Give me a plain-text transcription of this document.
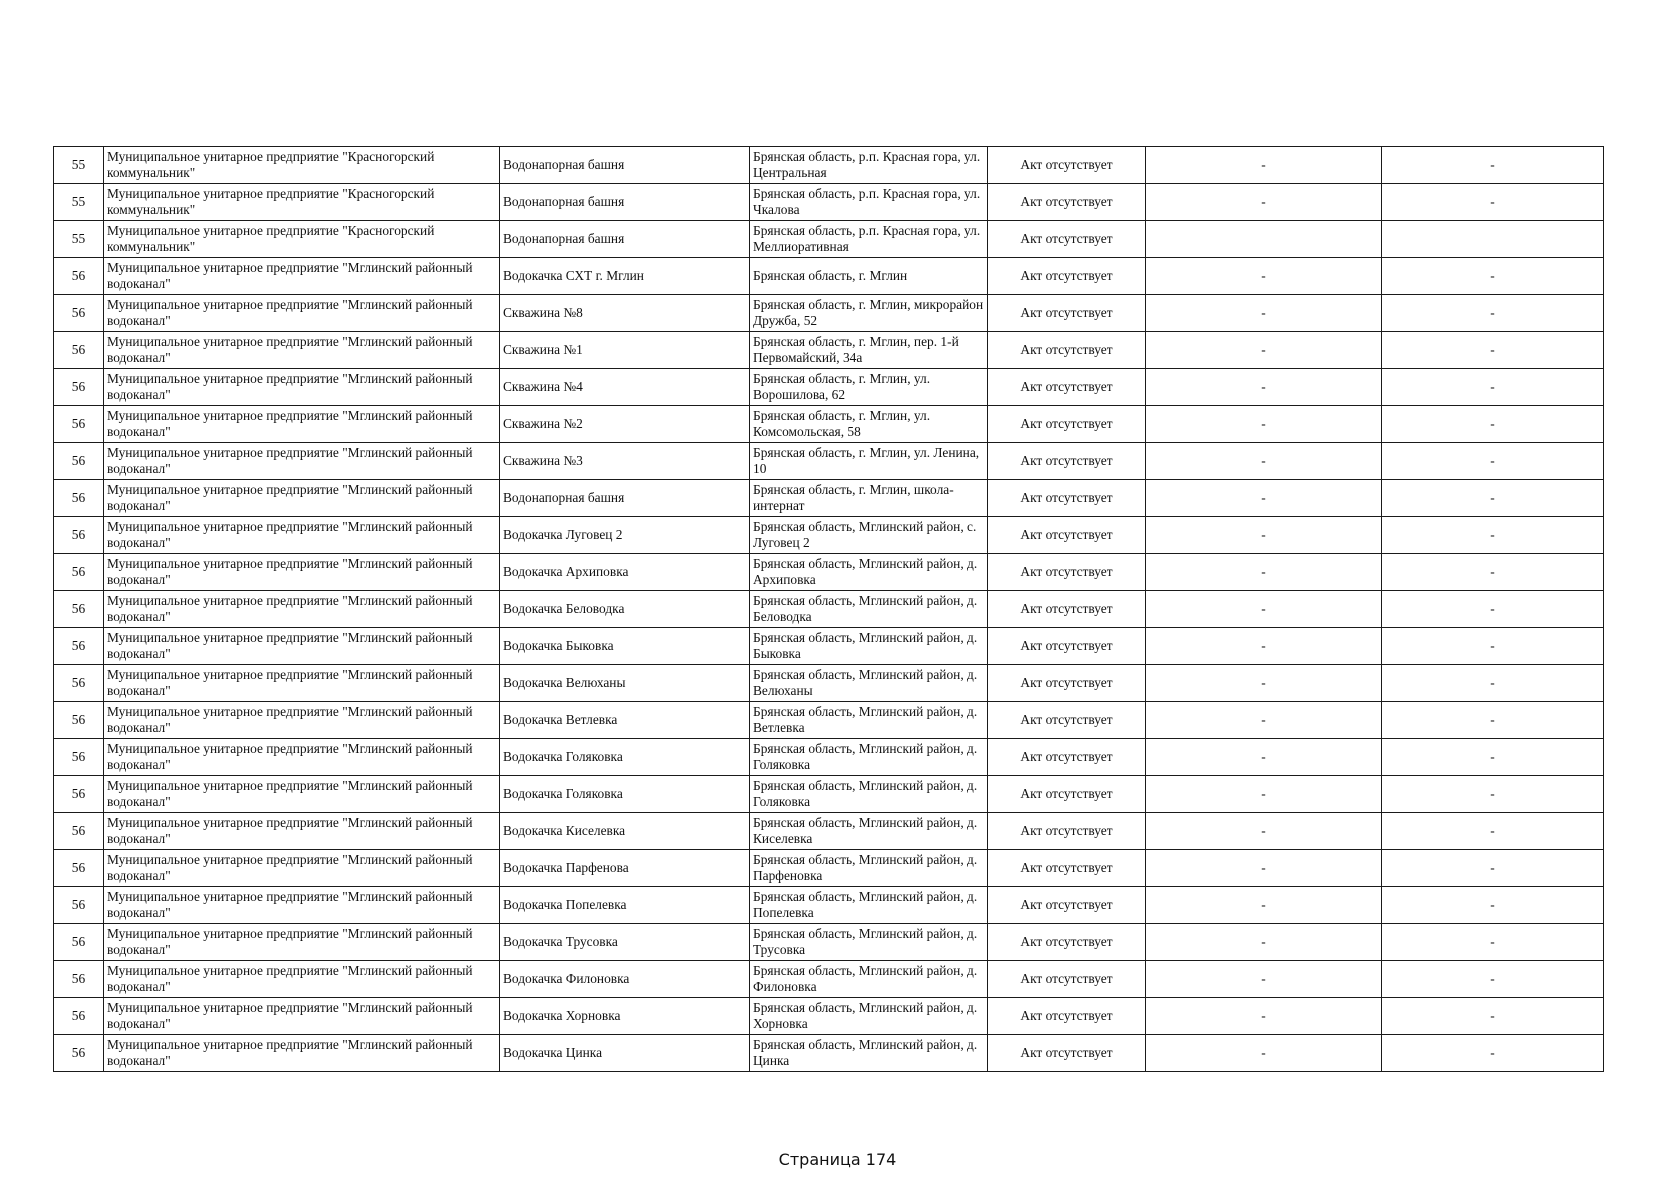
55	Муниципальное унитарное предприятие "Красногорский коммунальник"	Водонапорная башня	Брянская область, р.п. Красная гора, ул. Центральная	Акт отсутствует	-	-

55	Муниципальное унитарное предприятие "Красногорский коммунальник"	Водонапорная башня	Брянская область, р.п. Красная гора, ул. Чкалова	Акт отсутствует	-	-

55	Муниципальное унитарное предприятие "Красногорский коммунальник"	Водонапорная башня	Брянская область, р.п. Красная гора, ул. Меллиоративная	Акт отсутствует		

56	Муниципальное унитарное предприятие "Мглинский районный водоканал"	Водокачка СХТ г. Мглин	Брянская область, г. Мглин	Акт отсутствует	-	-

56	Муниципальное унитарное предприятие "Мглинский районный водоканал"	Скважина №8	Брянская область, г. Мглин, микрорайон Дружба, 52	Акт отсутствует	-	-

56	Муниципальное унитарное предприятие "Мглинский районный водоканал"	Скважина №1	Брянская область, г. Мглин, пер. 1-й Первомайский, 34а	Акт отсутствует	-	-

56	Муниципальное унитарное предприятие "Мглинский районный водоканал"	Скважина №4	Брянская область, г. Мглин, ул. Ворошилова, 62	Акт отсутствует	-	-

56	Муниципальное унитарное предприятие "Мглинский районный водоканал"	Скважина №2	Брянская область, г. Мглин, ул. Комсомольская, 58	Акт отсутствует	-	-

56	Муниципальное унитарное предприятие "Мглинский районный водоканал"	Скважина №3	Брянская область, г. Мглин, ул. Ленина, 10	Акт отсутствует	-	-

56	Муниципальное унитарное предприятие "Мглинский районный водоканал"	Водонапорная башня	Брянская область, г. Мглин, школа-интернат	Акт отсутствует	-	-

56	Муниципальное унитарное предприятие "Мглинский районный водоканал"	Водокачка Луговец 2	Брянская область, Мглинский район, с. Луговец 2	Акт отсутствует	-	-

56	Муниципальное унитарное предприятие "Мглинский районный водоканал"	Водокачка Архиповка	Брянская область, Мглинский район, д. Архиповка	Акт отсутствует	-	-

56	Муниципальное унитарное предприятие "Мглинский районный водоканал"	Водокачка Беловодка	Брянская область, Мглинский район, д. Беловодка	Акт отсутствует	-	-

56	Муниципальное унитарное предприятие "Мглинский районный водоканал"	Водокачка Быковка	Брянская область, Мглинский район, д. Быковка	Акт отсутствует	-	-

56	Муниципальное унитарное предприятие "Мглинский районный водоканал"	Водокачка Велюханы	Брянская область, Мглинский район, д. Велюханы	Акт отсутствует	-	-

56	Муниципальное унитарное предприятие "Мглинский районный водоканал"	Водокачка Ветлевка	Брянская область, Мглинский район, д. Ветлевка	Акт отсутствует	-	-

56	Муниципальное унитарное предприятие "Мглинский районный водоканал"	Водокачка Голяковка	Брянская область, Мглинский район, д. Голяковка	Акт отсутствует	-	-

56	Муниципальное унитарное предприятие "Мглинский районный водоканал"	Водокачка Голяковка	Брянская область, Мглинский район, д. Голяковка	Акт отсутствует	-	-

56	Муниципальное унитарное предприятие "Мглинский районный водоканал"	Водокачка Киселевка	Брянская область, Мглинский район, д. Киселевка	Акт отсутствует	-	-

56	Муниципальное унитарное предприятие "Мглинский районный водоканал"	Водокачка Парфенова	Брянская область, Мглинский район, д. Парфеновка	Акт отсутствует	-	-

56	Муниципальное унитарное предприятие "Мглинский районный водоканал"	Водокачка Попелевка	Брянская область, Мглинский район, д. Попелевка	Акт отсутствует	-	-

56	Муниципальное унитарное предприятие "Мглинский районный водоканал"	Водокачка Трусовка	Брянская область, Мглинский район, д. Трусовка	Акт отсутствует	-	-

56	Муниципальное унитарное предприятие "Мглинский районный водоканал"	Водокачка Филоновка	Брянская область, Мглинский район, д. Филоновка	Акт отсутствует	-	-

56	Муниципальное унитарное предприятие "Мглинский районный водоканал"	Водокачка Хорновка	Брянская область, Мглинский район, д. Хорновка	Акт отсутствует	-	-

56	Муниципальное унитарное предприятие "Мглинский районный водоканал"	Водокачка Цинка	Брянская область, Мглинский район, д. Цинка	Акт отсутствует	-	-
Страница 174
